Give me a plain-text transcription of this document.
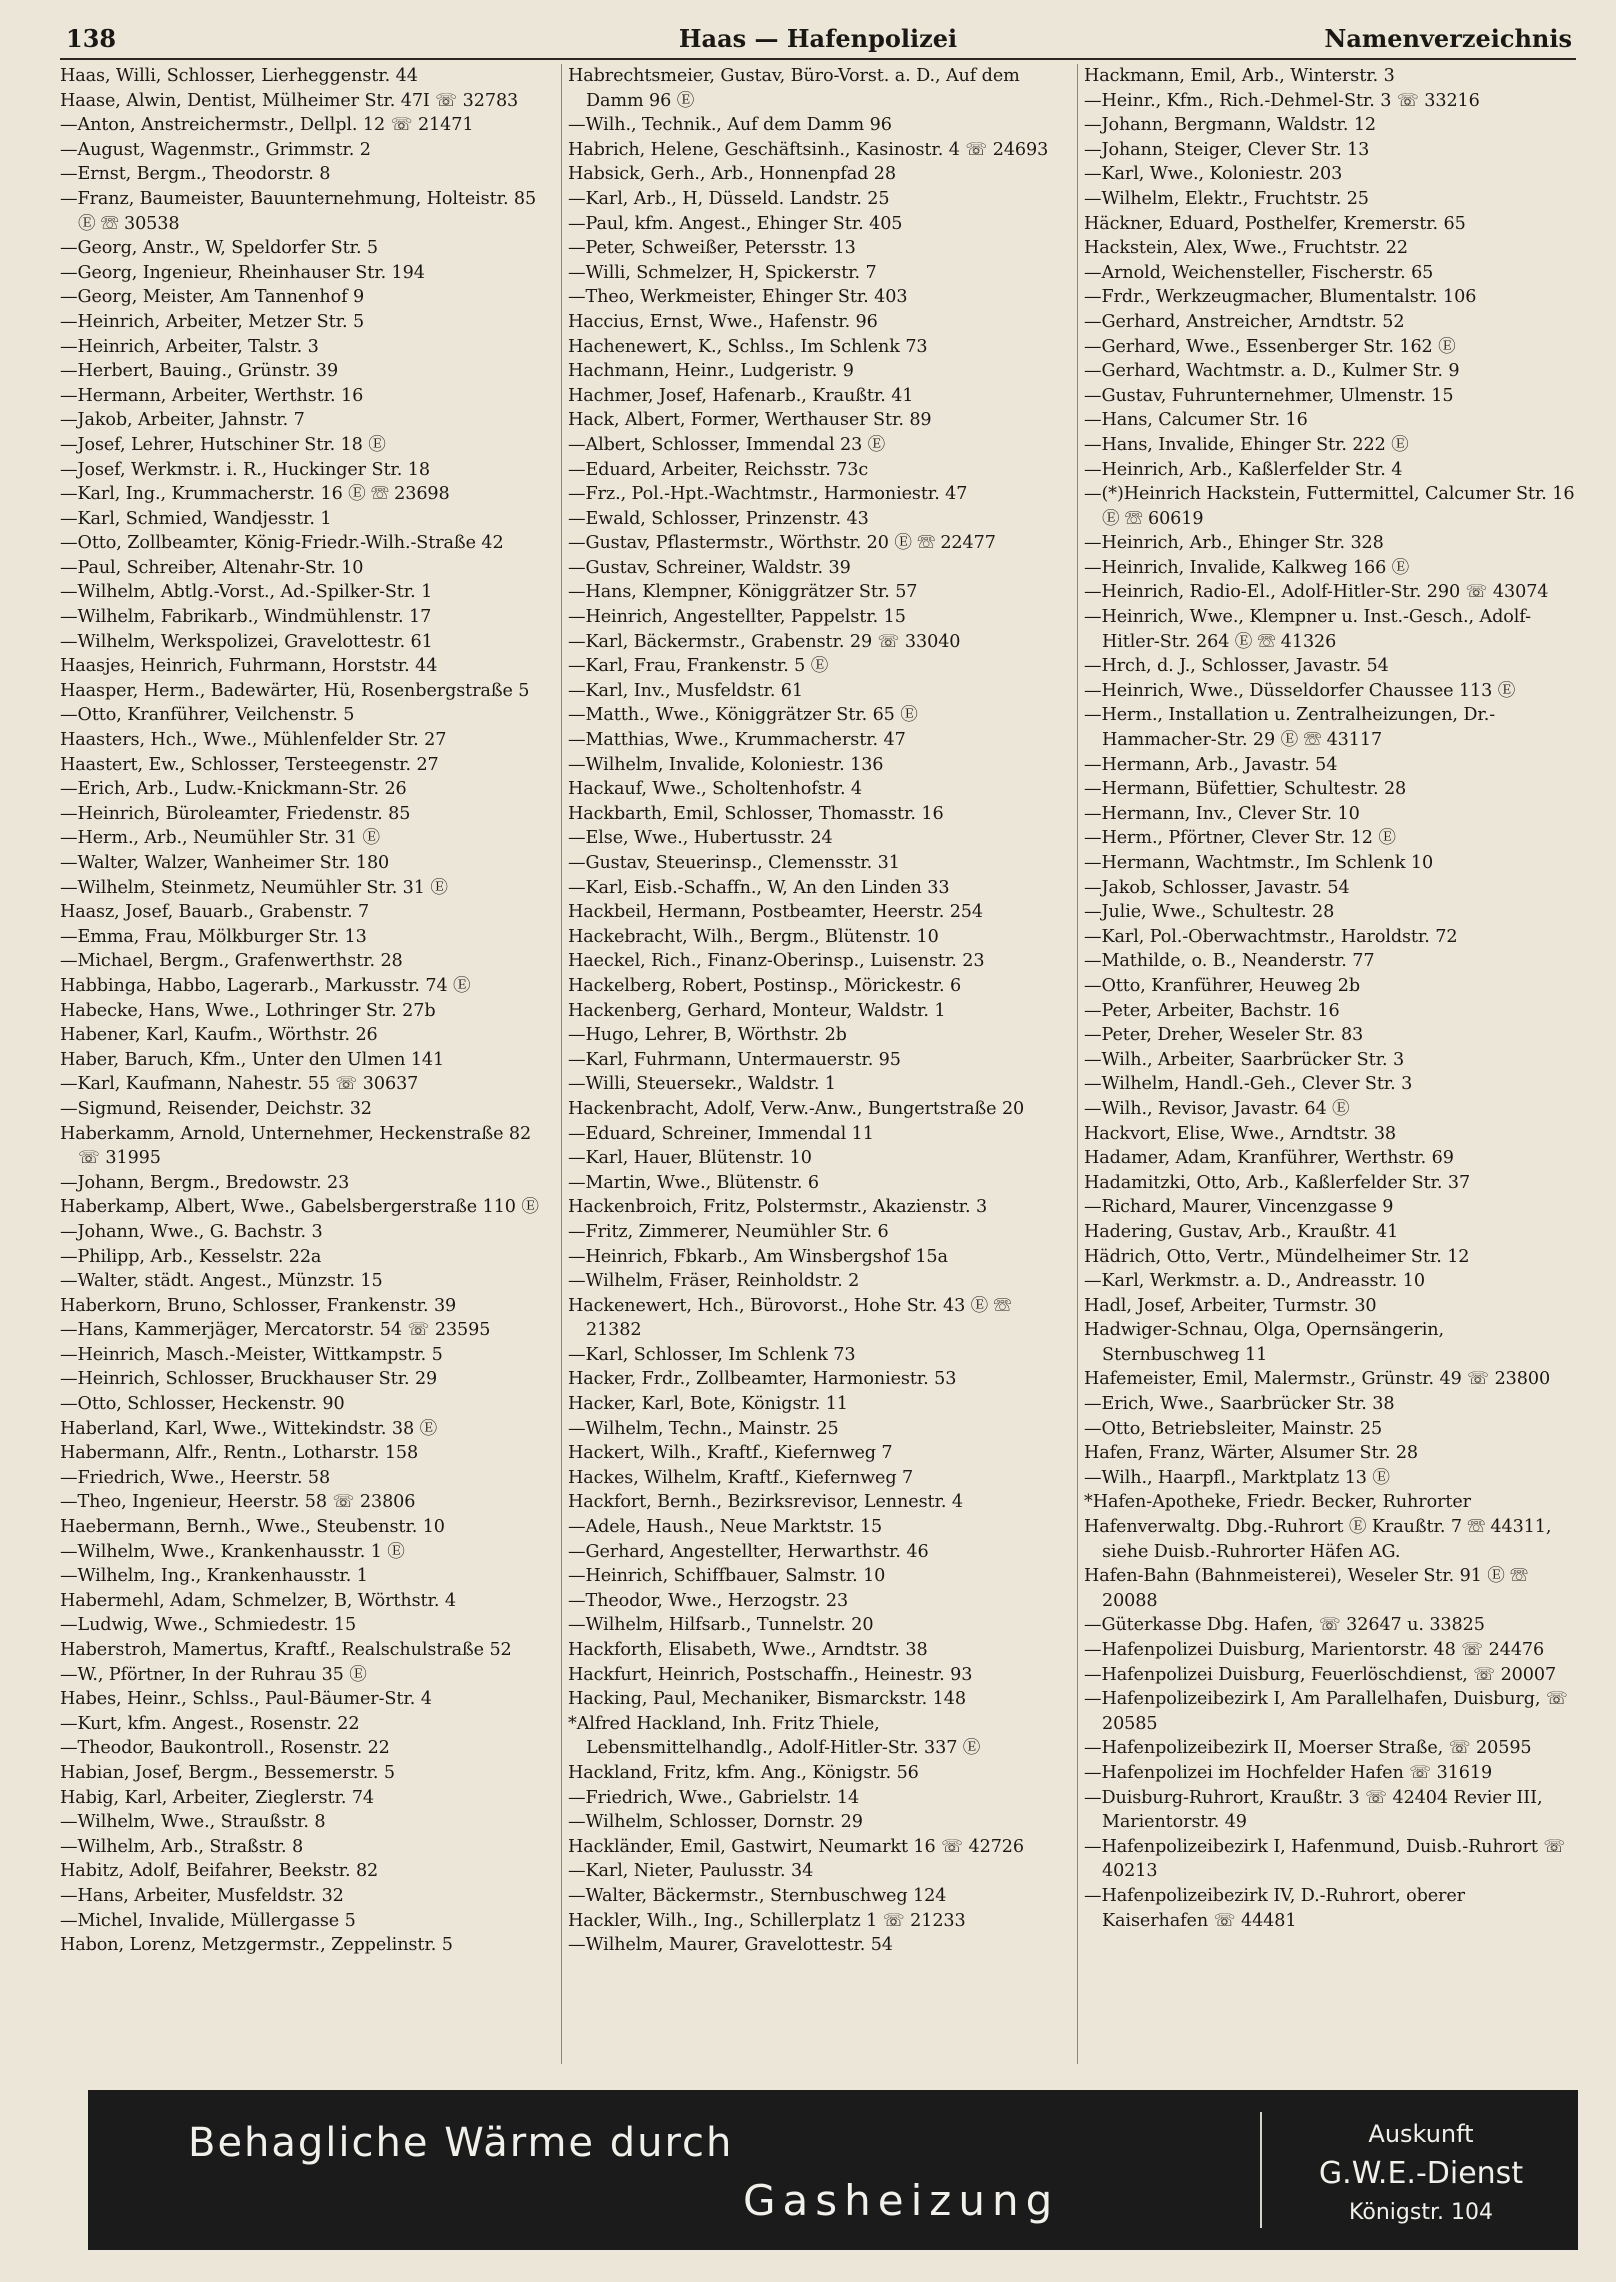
138	Haas — Hafenpolizei	Namenverzeichnis
Haas, Willi, Schlosser, Lierheggenstr. 44
Haase, Alwin, Dentist, Mülheimer Str. 47I ☏ 32783
—Anton, Anstreichermstr., Dellpl. 12 ☏ 21471
—August, Wagenmstr., Grimmstr. 2
—Ernst, Bergm., Theodorstr. 8
—Franz, Baumeister, Bauunternehmung, Holteistr. 85 Ⓔ ☏ 30538
—Georg, Anstr., W, Speldorfer Str. 5
—Georg, Ingenieur, Rheinhauser Str. 194
—Georg, Meister, Am Tannenhof 9
—Heinrich, Arbeiter, Metzer Str. 5
—Heinrich, Arbeiter, Talstr. 3
—Herbert, Bauing., Grünstr. 39
—Hermann, Arbeiter, Werthstr. 16
—Jakob, Arbeiter, Jahnstr. 7
—Josef, Lehrer, Hutschiner Str. 18 Ⓔ
—Josef, Werkmstr. i. R., Huckinger Str. 18
—Karl, Ing., Krummacherstr. 16 Ⓔ ☏ 23698
—Karl, Schmied, Wandjesstr. 1
—Otto, Zollbeamter, König-Friedr.-Wilh.-Straße 42
—Paul, Schreiber, Altenahr-Str. 10
—Wilhelm, Abtlg.-Vorst., Ad.-Spilker-Str. 1
—Wilhelm, Fabrikarb., Windmühlenstr. 17
—Wilhelm, Werkspolizei, Gravelottestr. 61
Haasjes, Heinrich, Fuhrmann, Horststr. 44
Haasper, Herm., Badewärter, Hü, Rosenbergstraße 5
—Otto, Kranführer, Veilchenstr. 5
Haasters, Hch., Wwe., Mühlenfelder Str. 27
Haastert, Ew., Schlosser, Tersteegenstr. 27
—Erich, Arb., Ludw.-Knickmann-Str. 26
—Heinrich, Büroleamter, Friedenstr. 85
—Herm., Arb., Neumühler Str. 31 Ⓔ
—Walter, Walzer, Wanheimer Str. 180
—Wilhelm, Steinmetz, Neumühler Str. 31 Ⓔ
Haasz, Josef, Bauarb., Grabenstr. 7
—Emma, Frau, Mölkburger Str. 13
—Michael, Bergm., Grafenwerthstr. 28
Habbinga, Habbo, Lagerarb., Markusstr. 74 Ⓔ
Habecke, Hans, Wwe., Lothringer Str. 27b
Habener, Karl, Kaufm., Wörthstr. 26
Haber, Baruch, Kfm., Unter den Ulmen 141
—Karl, Kaufmann, Nahestr. 55 ☏ 30637
—Sigmund, Reisender, Deichstr. 32
Haberkamm, Arnold, Unternehmer, Heckenstraße 82 ☏ 31995
—Johann, Bergm., Bredowstr. 23
Haberkamp, Albert, Wwe., Gabelsbergerstraße 110 Ⓔ
—Johann, Wwe., G. Bachstr. 3
—Philipp, Arb., Kesselstr. 22a
—Walter, städt. Angest., Münzstr. 15
Haberkorn, Bruno, Schlosser, Frankenstr. 39
—Hans, Kammerjäger, Mercatorstr. 54 ☏ 23595
—Heinrich, Masch.-Meister, Wittkampstr. 5
—Heinrich, Schlosser, Bruckhauser Str. 29
—Otto, Schlosser, Heckenstr. 90
Haberland, Karl, Wwe., Wittekindstr. 38 Ⓔ
Habermann, Alfr., Rentn., Lotharstr. 158
—Friedrich, Wwe., Heerstr. 58
—Theo, Ingenieur, Heerstr. 58 ☏ 23806
Haebermann, Bernh., Wwe., Steubenstr. 10
—Wilhelm, Wwe., Krankenhausstr. 1 Ⓔ
—Wilhelm, Ing., Krankenhausstr. 1
Habermehl, Adam, Schmelzer, B, Wörthstr. 4
—Ludwig, Wwe., Schmiedestr. 15
Haberstroh, Mamertus, Kraftf., Realschulstraße 52
—W., Pförtner, In der Ruhrau 35 Ⓔ
Habes, Heinr., Schlss., Paul-Bäumer-Str. 4
—Kurt, kfm. Angest., Rosenstr. 22
—Theodor, Baukontroll., Rosenstr. 22
Habian, Josef, Bergm., Bessemerstr. 5
Habig, Karl, Arbeiter, Zieglerstr. 74
—Wilhelm, Wwe., Straußstr. 8
—Wilhelm, Arb., Straßstr. 8
Habitz, Adolf, Beifahrer, Beekstr. 82
—Hans, Arbeiter, Musfeldstr. 32
—Michel, Invalide, Müllergasse 5
Habon, Lorenz, Metzgermstr., Zeppelinstr. 5
Habrechtsmeier, Gustav, Büro-Vorst. a. D., Auf dem Damm 96 Ⓔ
—Wilh., Technik., Auf dem Damm 96
Habrich, Helene, Geschäftsinh., Kasinostr. 4 ☏ 24693
Habsick, Gerh., Arb., Honnenpfad 28
—Karl, Arb., H, Düsseld. Landstr. 25
—Paul, kfm. Angest., Ehinger Str. 405
—Peter, Schweißer, Petersstr. 13
—Willi, Schmelzer, H, Spickerstr. 7
—Theo, Werkmeister, Ehinger Str. 403
Haccius, Ernst, Wwe., Hafenstr. 96
Hachenewert, K., Schlss., Im Schlenk 73
Hachmann, Heinr., Ludgeristr. 9
Hachmer, Josef, Hafenarb., Kraußtr. 41
Hack, Albert, Former, Werthauser Str. 89
—Albert, Schlosser, Immendal 23 Ⓔ
—Eduard, Arbeiter, Reichsstr. 73c
—Frz., Pol.-Hpt.-Wachtmstr., Harmoniestr. 47
—Ewald, Schlosser, Prinzenstr. 43
—Gustav, Pflastermstr., Wörthstr. 20 Ⓔ ☏ 22477
—Gustav, Schreiner, Waldstr. 39
—Hans, Klempner, Königgrätzer Str. 57
—Heinrich, Angestellter, Pappelstr. 15
—Karl, Bäckermstr., Grabenstr. 29 ☏ 33040
—Karl, Frau, Frankenstr. 5 Ⓔ
—Karl, Inv., Musfeldstr. 61
—Matth., Wwe., Königgrätzer Str. 65 Ⓔ
—Matthias, Wwe., Krummacherstr. 47
—Wilhelm, Invalide, Koloniestr. 136
Hackauf, Wwe., Scholtenhofstr. 4
Hackbarth, Emil, Schlosser, Thomasstr. 16
—Else, Wwe., Hubertusstr. 24
—Gustav, Steuerinsp., Clemensstr. 31
—Karl, Eisb.-Schaffn., W, An den Linden 33
Hackbeil, Hermann, Postbeamter, Heerstr. 254
Hackebracht, Wilh., Bergm., Blütenstr. 10
Haeckel, Rich., Finanz-Oberinsp., Luisenstr. 23
Hackelberg, Robert, Postinsp., Mörickestr. 6
Hackenberg, Gerhard, Monteur, Waldstr. 1
—Hugo, Lehrer, B, Wörthstr. 2b
—Karl, Fuhrmann, Untermauerstr. 95
—Willi, Steuersekr., Waldstr. 1
Hackenbracht, Adolf, Verw.-Anw., Bungertstraße 20
—Eduard, Schreiner, Immendal 11
—Karl, Hauer, Blütenstr. 10
—Martin, Wwe., Blütenstr. 6
Hackenbroich, Fritz, Polstermstr., Akazienstr. 3
—Fritz, Zimmerer, Neumühler Str. 6
—Heinrich, Fbkarb., Am Winsbergshof 15a
—Wilhelm, Fräser, Reinholdstr. 2
Hackenewert, Hch., Bürovorst., Hohe Str. 43 Ⓔ ☏ 21382
—Karl, Schlosser, Im Schlenk 73
Hacker, Frdr., Zollbeamter, Harmoniestr. 53
Hacker, Karl, Bote, Königstr. 11
—Wilhelm, Techn., Mainstr. 25
Hackert, Wilh., Kraftf., Kiefernweg 7
Hackes, Wilhelm, Kraftf., Kiefernweg 7
Hackfort, Bernh., Bezirksrevisor, Lennestr. 4
—Adele, Haush., Neue Marktstr. 15
—Gerhard, Angestellter, Herwarthstr. 46
—Heinrich, Schiffbauer, Salmstr. 10
—Theodor, Wwe., Herzogstr. 23
—Wilhelm, Hilfsarb., Tunnelstr. 20
Hackforth, Elisabeth, Wwe., Arndtstr. 38
Hackfurt, Heinrich, Postschaffn., Heinestr. 93
Hacking, Paul, Mechaniker, Bismarckstr. 148
*Alfred Hackland, Inh. Fritz Thiele, Lebensmittelhandlg., Adolf-Hitler-Str. 337 Ⓔ
Hackland, Fritz, kfm. Ang., Königstr. 56
—Friedrich, Wwe., Gabrielstr. 14
—Wilhelm, Schlosser, Dornstr. 29
Hackländer, Emil, Gastwirt, Neumarkt 16 ☏ 42726
—Karl, Nieter, Paulusstr. 34
—Walter, Bäckermstr., Sternbuschweg 124
Hackler, Wilh., Ing., Schillerplatz 1 ☏ 21233
—Wilhelm, Maurer, Gravelottestr. 54
Hackmann, Emil, Arb., Winterstr. 3
—Heinr., Kfm., Rich.-Dehmel-Str. 3 ☏ 33216
—Johann, Bergmann, Waldstr. 12
—Johann, Steiger, Clever Str. 13
—Karl, Wwe., Koloniestr. 203
—Wilhelm, Elektr., Fruchtstr. 25
Häckner, Eduard, Posthelfer, Kremerstr. 65
Hackstein, Alex, Wwe., Fruchtstr. 22
—Arnold, Weichensteller, Fischerstr. 65
—Frdr., Werkzeugmacher, Blumentalstr. 106
—Gerhard, Anstreicher, Arndtstr. 52
—Gerhard, Wwe., Essenberger Str. 162 Ⓔ
—Gerhard, Wachtmstr. a. D., Kulmer Str. 9
—Gustav, Fuhrunternehmer, Ulmenstr. 15
—Hans, Calcumer Str. 16
—Hans, Invalide, Ehinger Str. 222 Ⓔ
—Heinrich, Arb., Kaßlerfelder Str. 4
—(*)Heinrich Hackstein, Futtermittel, Calcumer Str. 16 Ⓔ ☏ 60619
—Heinrich, Arb., Ehinger Str. 328
—Heinrich, Invalide, Kalkweg 166 Ⓔ
—Heinrich, Radio-El., Adolf-Hitler-Str. 290 ☏ 43074
—Heinrich, Wwe., Klempner u. Inst.-Gesch., Adolf-Hitler-Str. 264 Ⓔ ☏ 41326
—Hrch, d. J., Schlosser, Javastr. 54
—Heinrich, Wwe., Düsseldorfer Chaussee 113 Ⓔ
—Herm., Installation u. Zentralheizungen, Dr.-Hammacher-Str. 29 Ⓔ ☏ 43117
—Hermann, Arb., Javastr. 54
—Hermann, Büfettier, Schultestr. 28
—Hermann, Inv., Clever Str. 10
—Herm., Pförtner, Clever Str. 12 Ⓔ
—Hermann, Wachtmstr., Im Schlenk 10
—Jakob, Schlosser, Javastr. 54
—Julie, Wwe., Schultestr. 28
—Karl, Pol.-Oberwachtmstr., Haroldstr. 72
—Mathilde, o. B., Neanderstr. 77
—Otto, Kranführer, Heuweg 2b
—Peter, Arbeiter, Bachstr. 16
—Peter, Dreher, Weseler Str. 83
—Wilh., Arbeiter, Saarbrücker Str. 3
—Wilhelm, Handl.-Geh., Clever Str. 3
—Wilh., Revisor, Javastr. 64 Ⓔ
Hackvort, Elise, Wwe., Arndtstr. 38
Hadamer, Adam, Kranführer, Werthstr. 69
Hadamitzki, Otto, Arb., Kaßlerfelder Str. 37
—Richard, Maurer, Vincenzgasse 9
Hadering, Gustav, Arb., Kraußtr. 41
Hädrich, Otto, Vertr., Mündelheimer Str. 12
—Karl, Werkmstr. a. D., Andreasstr. 10
Hadl, Josef, Arbeiter, Turmstr. 30
Hadwiger-Schnau, Olga, Opernsängerin, Sternbuschweg 11
Hafemeister, Emil, Malermstr., Grünstr. 49 ☏ 23800
—Erich, Wwe., Saarbrücker Str. 38
—Otto, Betriebsleiter, Mainstr. 25
Hafen, Franz, Wärter, Alsumer Str. 28
—Wilh., Haarpfl., Marktplatz 13 Ⓔ
*Hafen-Apotheke, Friedr. Becker, Ruhrorter
Hafenverwaltg. Dbg.-Ruhrort Ⓔ Kraußtr. 7 ☏ 44311, siehe Duisb.-Ruhrorter Häfen AG.
Hafen-Bahn (Bahnmeisterei), Weseler Str. 91 Ⓔ ☏ 20088
—Güterkasse Dbg. Hafen, ☏ 32647 u. 33825
—Hafenpolizei Duisburg, Marientorstr. 48 ☏ 24476
—Hafenpolizei Duisburg, Feuerlöschdienst, ☏ 20007
—Hafenpolizeibezirk I, Am Parallelhafen, Duisburg, ☏ 20585
—Hafenpolizeibezirk II, Moerser Straße, ☏ 20595
—Hafenpolizei im Hochfelder Hafen ☏ 31619
—Duisburg-Ruhrort, Kraußtr. 3 ☏ 42404 Revier III, Marientorstr. 49
—Hafenpolizeibezirk I, Hafenmund, Duisb.-Ruhrort ☏ 40213
—Hafenpolizeibezirk IV, D.-Ruhrort, oberer Kaiserhafen ☏ 44481
Behagliche Wärme durch
Gasheizung
Auskunft
G.W.E.-Dienst
Königstr. 104
